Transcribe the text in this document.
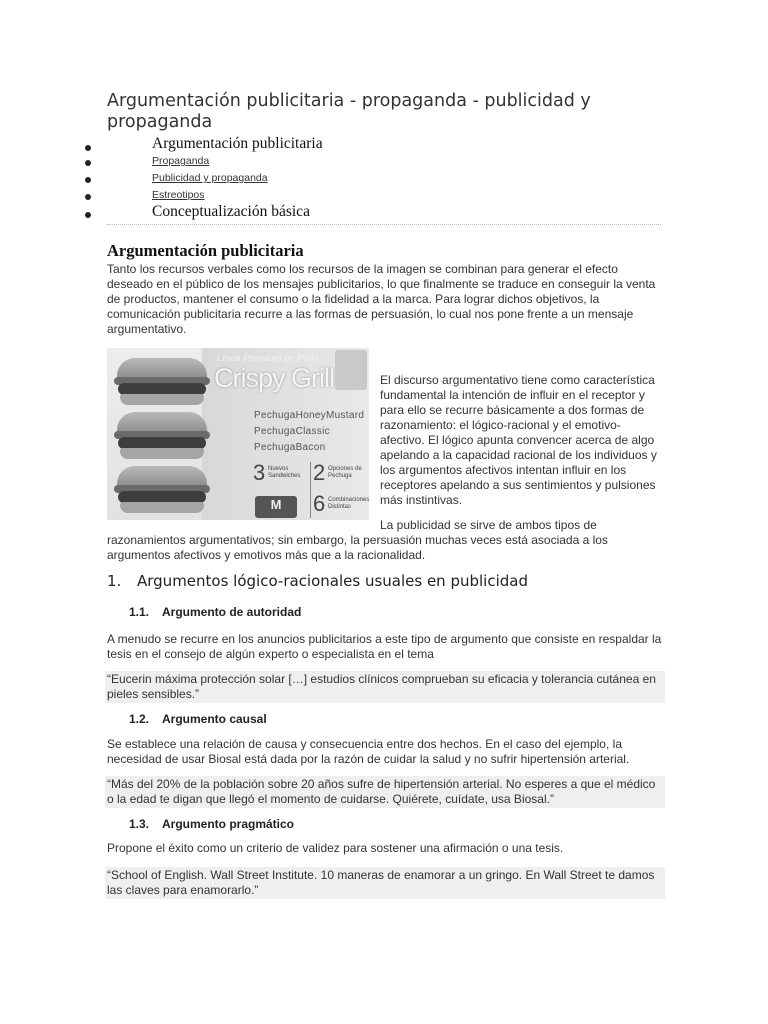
Argumentación publicitaria - propaganda - publicidad y propaganda
Argumentación publicitaria
Propaganda
Publicidad y propaganda
Estreotipos
Conceptualización básica
Argumentación publicitaria

Tanto los recursos verbales como los recursos de la imagen se combinan para generar el efecto deseado en el público de los mensajes publicitarios, lo que finalmente se traduce en conseguir la venta de productos, mantener el consumo o la fidelidad a la marca. Para lograr dichos objetivos, la comunicación publicitaria recurre a las formas de persuasión, lo cual nos pone frente a un mensaje argumentativo.

Línea Premium de Pollo
Crispy Grill
PechugaHoneyMustard
PechugaClassic
PechugaBacon
3 Nuevos Sandwiches 2 Opciones de Pechuga
6 Combinaciones Distintas
M

El discurso argumentativo tiene como característica fundamental la intención de influir en el receptor y para ello se recurre básicamente a dos formas de razonamiento: el lógico-racional y el emotivo-afectivo. El lógico apunta convencer acerca de algo apelando a la capacidad racional de los individuos y los argumentos afectivos intentan influir en los receptores apelando a sus sentimientos y pulsiones más instintivas.

La publicidad se sirve de ambos tipos de razonamientos argumentativos; sin embargo, la persuasión muchas veces está asociada a los argumentos afectivos y emotivos más que a la racionalidad.

1. Argumentos lógico-racionales usuales en publicidad
1.1. Argumento de autoridad

A menudo se recurre en los anuncios publicitarios a este tipo de argumento que consiste en respaldar la tesis en el consejo de algún experto o especialista en el tema

“Eucerin máxima protección solar […] estudios clínicos comprueban su eficacia y tolerancia cutánea en pieles sensibles.”
1.2. Argumento causal

Se establece una relación de causa y consecuencia entre dos hechos. En el caso del ejemplo, la necesidad de usar Biosal está dada por la razón de cuidar la salud y no sufrir hipertensión arterial.

“Más del 20% de la población sobre 20 años sufre de hipertensión arterial. No esperes a que el médico o la edad te digan que llegó el momento de cuidarse. Quiérete, cuídate, usa Biosal.”
1.3. Argumento pragmático

Propone el éxito como un criterio de validez para sostener una afirmación o una tesis.

“School of English. Wall Street Institute. 10 maneras de enamorar a un gringo. En Wall Street te damos las claves para enamorarlo.”
